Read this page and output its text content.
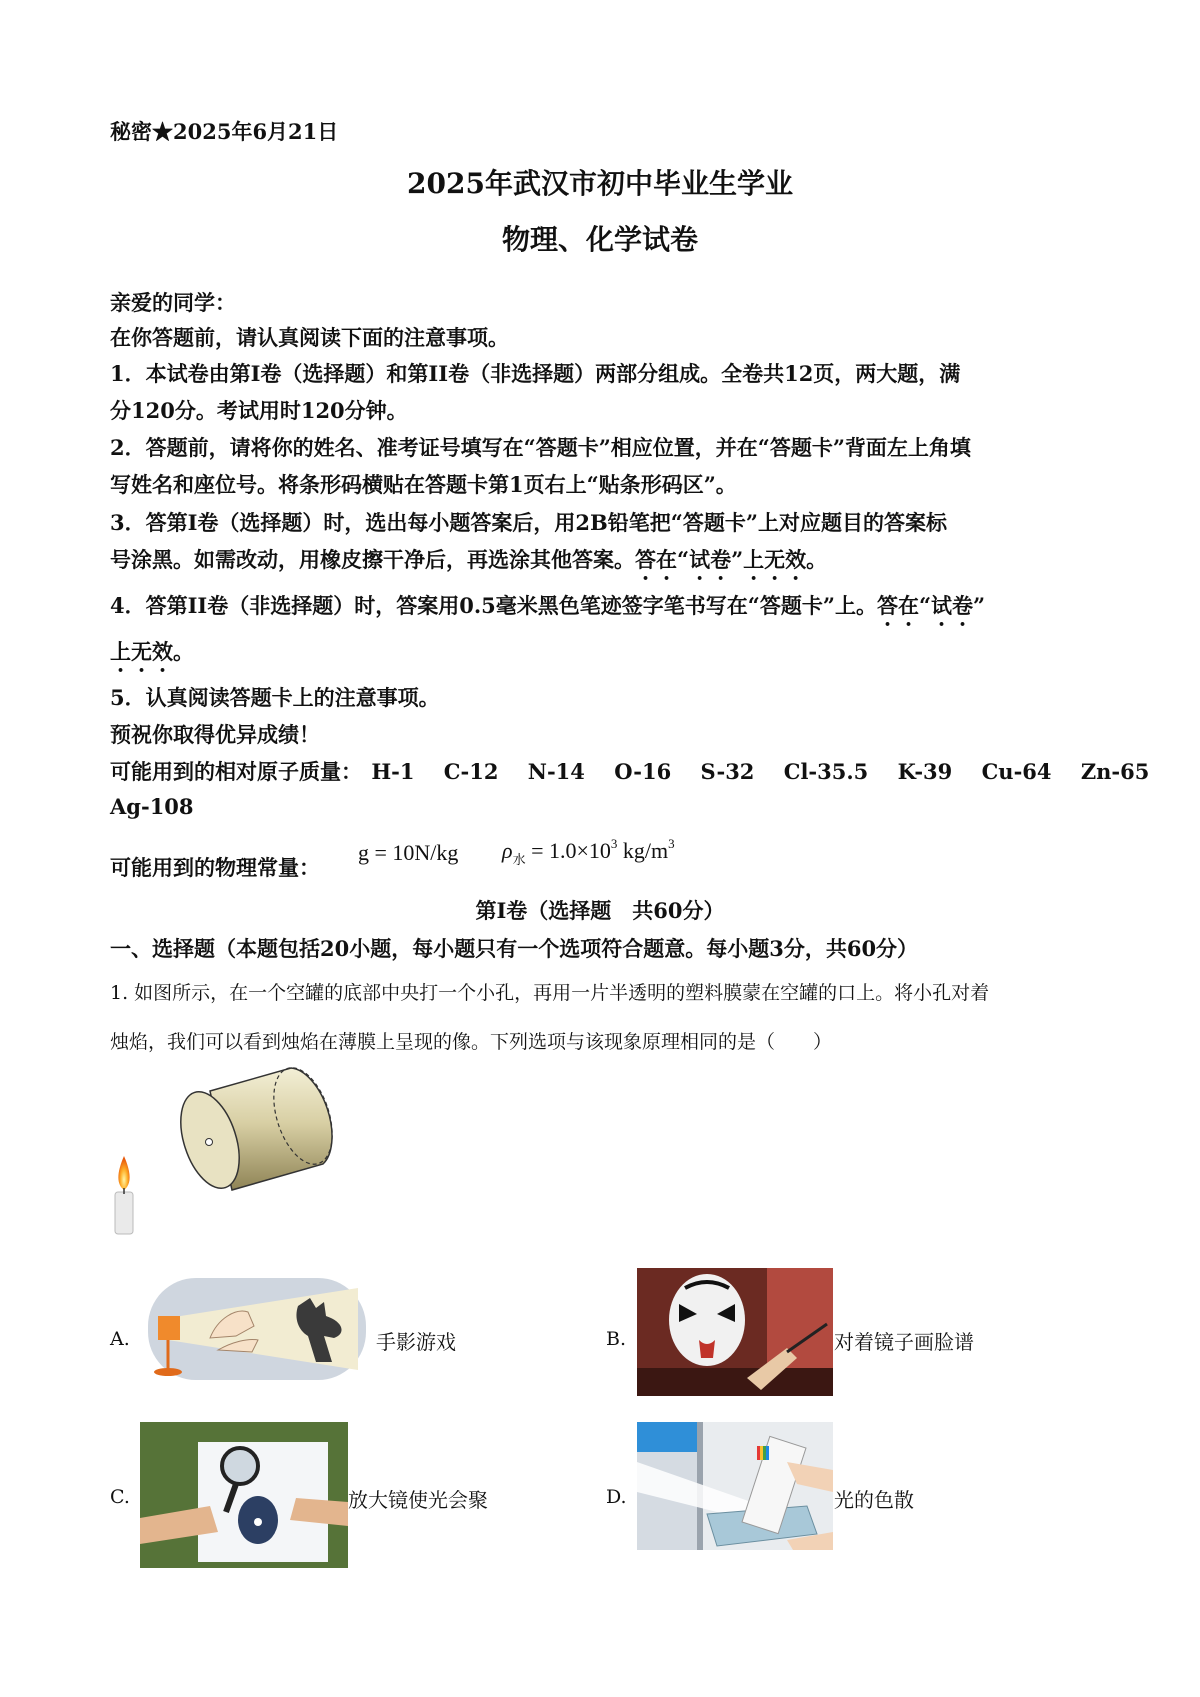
秘密★2025年6月21日
2025年武汉市初中毕业生学业
物理、化学试卷
亲爱的同学：
在你答题前，请认真阅读下面的注意事项。
1．本试卷由第Ⅰ卷（选择题）和第II卷（非选择题）两部分组成。全卷共12页，两大题，满
分120分。考试用时120分钟。
2．答题前，请将你的姓名、准考证号填写在“答题卡”相应位置，并在“答题卡”背面左上角填
写姓名和座位号。将条形码横贴在答题卡第1页右上“贴条形码区”。
3．答第Ⅰ卷（选择题）时，选出每小题答案后，用2B铅笔把“答题卡”上对应题目的答案标
号涂黑。如需改动，用橡皮擦干净后，再选涂其他答案。答在“试卷”上无效。
4．答第II卷（非选择题）时，答案用0.5毫米黑色笔迹签字笔书写在“答题卡”上。答在“试卷”
上无效。
5．认真阅读答题卡上的注意事项。
预祝你取得优异成绩！
可能用到的相对原子质量： H-1 C-12 N-14 O-16 S-32 Cl-35.5 K-39 Cu-64 Zn-65
Ag-108
可能用到的物理常量：
g = 10N/kg $\rho_水 = 1.0\times 10^3$ $kg/m^3$
第Ⅰ卷（选择题　共60分）
一、选择题（本题包括20小题，每小题只有一个选项符合题意。每小题3分，共60分）
1. 如图所示，在一个空罐的底部中央打一个小孔，再用一片半透明的塑料膜蒙在空罐的口上。将小孔对着
烛焰，我们可以看到烛焰在薄膜上呈现的像。下列选项与该现象原理相同的是（　　）
A.	手影游戏	B.	对着镜子画脸谱
C.	放大镜使光会聚	D.	光的色散
